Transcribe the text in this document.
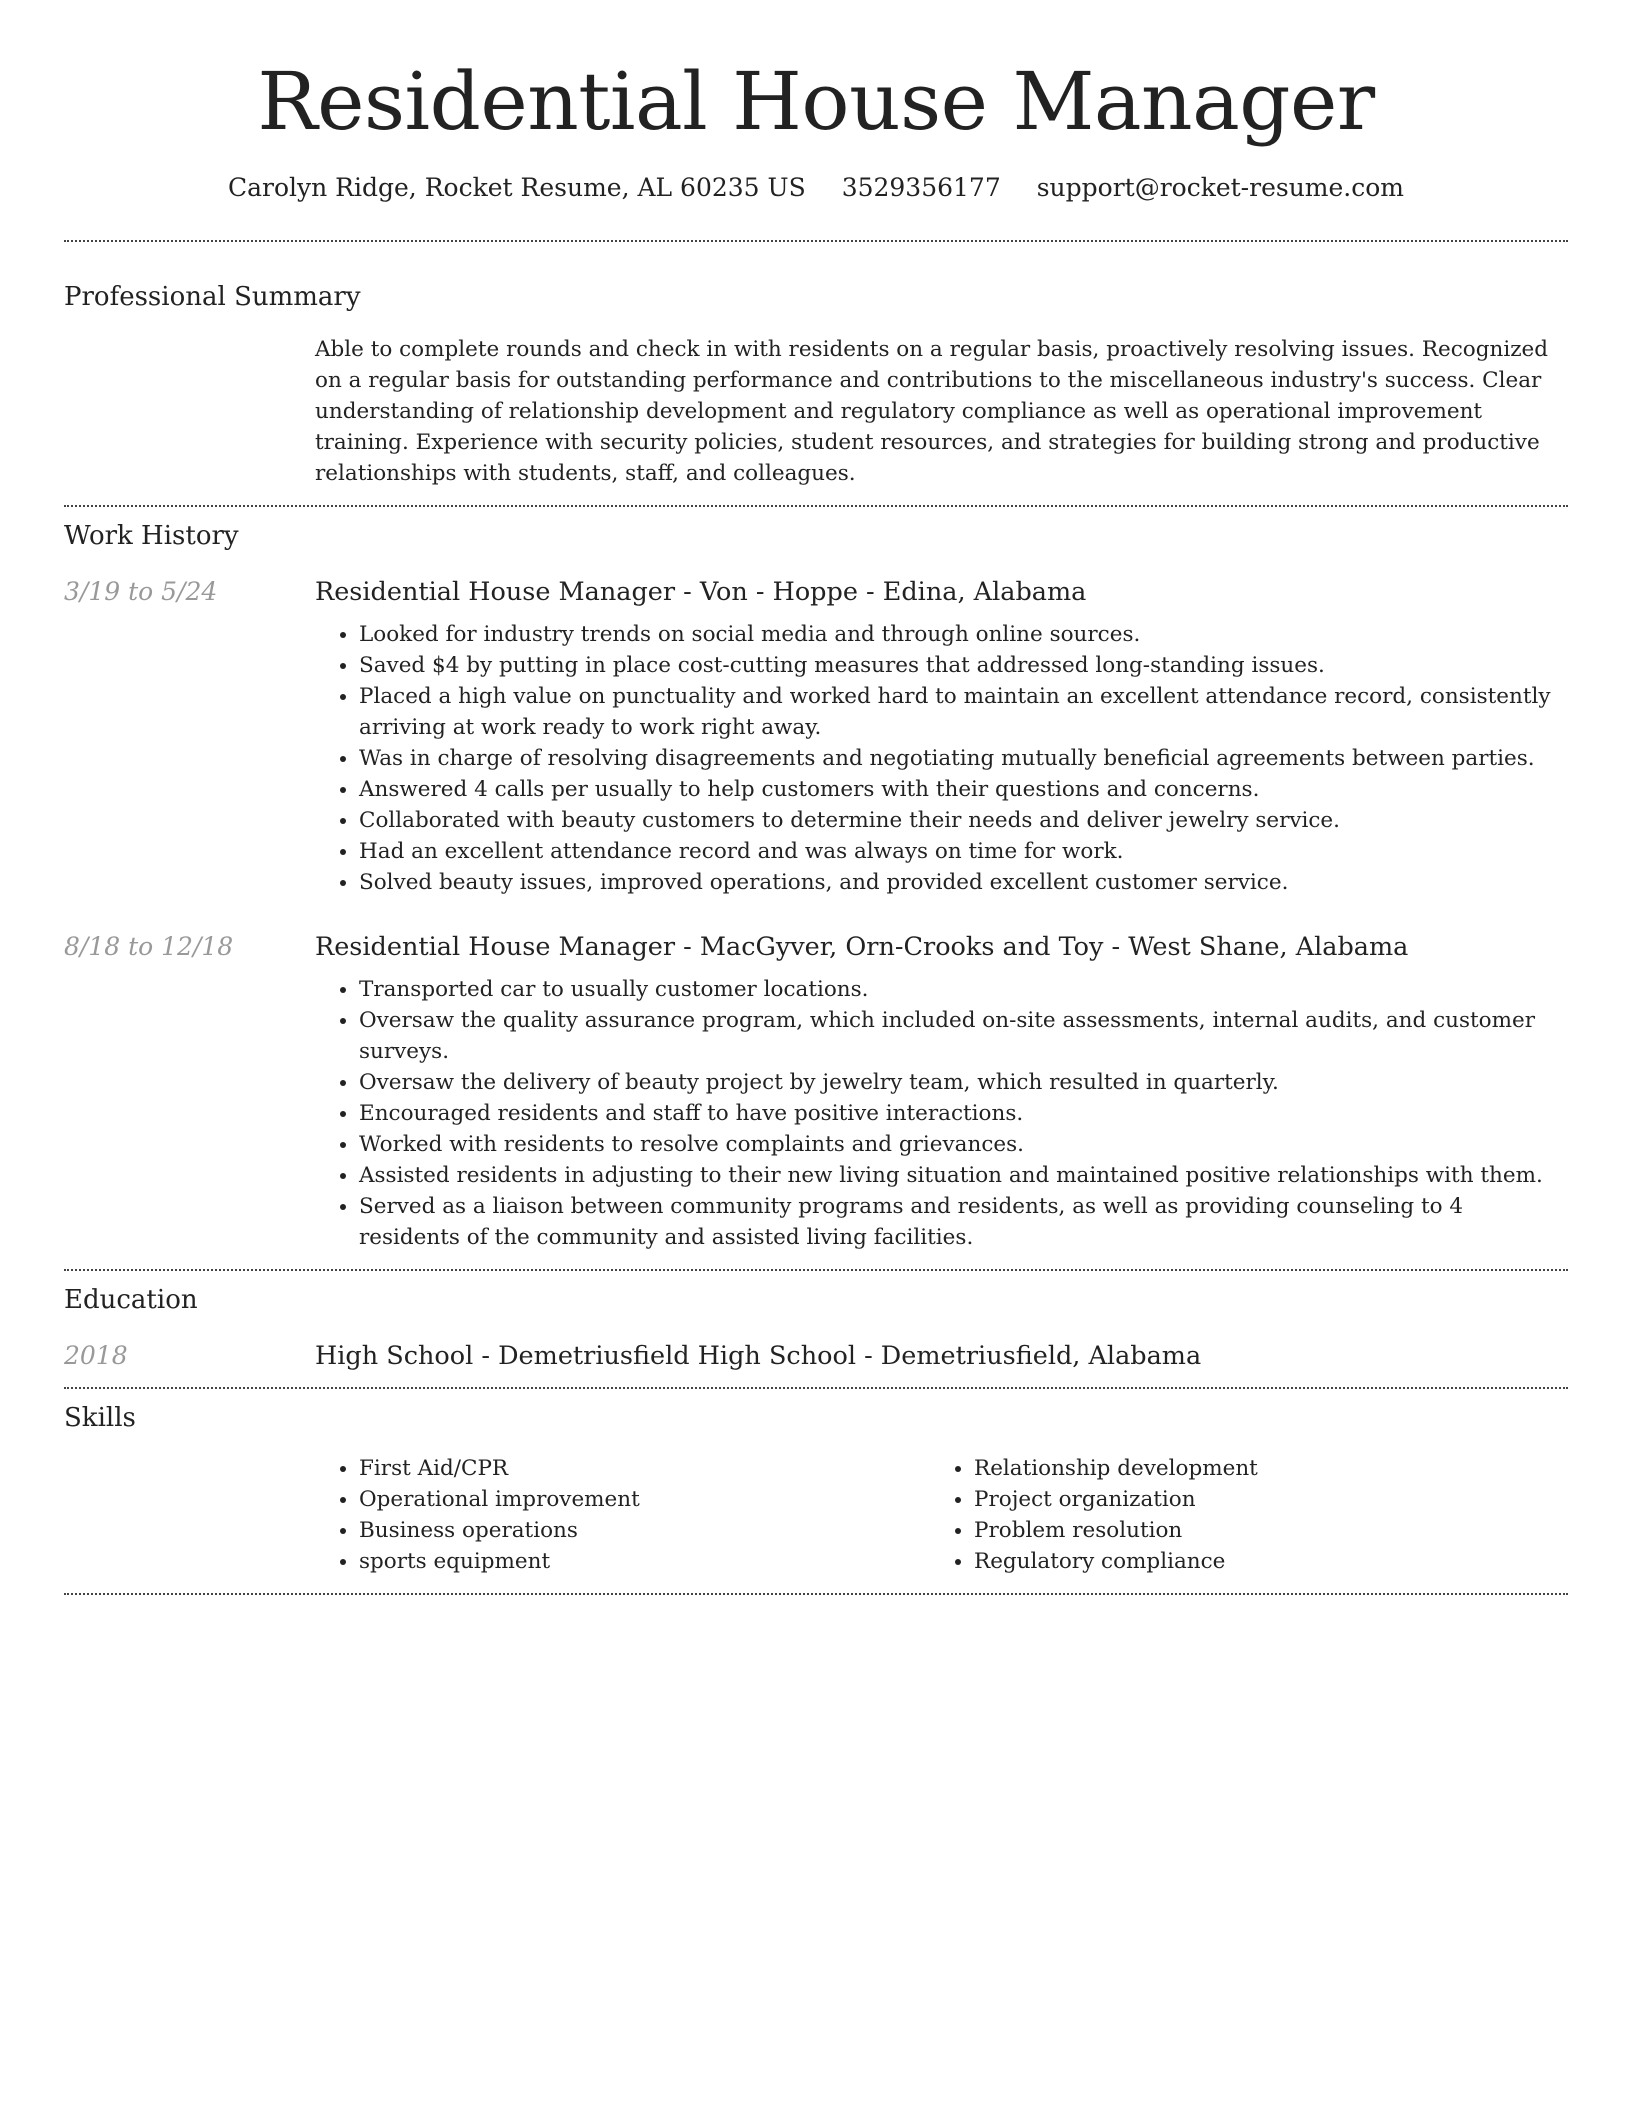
Residential House Manager
Carolyn Ridge, Rocket Resume, AL 60235 US 3529356177 support@rocket-resume.com
Professional Summary

Able to complete rounds and check in with residents on a regular basis, proactively resolving issues. Recognized on a regular basis for outstanding performance and contributions to the miscellaneous industry's success. Clear understanding of relationship development and regulatory compliance as well as operational improvement training. Experience with security policies, student resources, and strategies for building strong and productive relationships with students, staff, and colleagues.

Work History
3/19 to 5/24	Residential House Manager - Von - Hoppe - Edina, Alabama

• Looked for industry trends on social media and through online sources.
• Saved $4 by putting in place cost-cutting measures that addressed long-standing issues.
• Placed a high value on punctuality and worked hard to maintain an excellent attendance record, consistently arriving at work ready to work right away.
• Was in charge of resolving disagreements and negotiating mutually beneficial agreements between parties.
• Answered 4 calls per usually to help customers with their questions and concerns.
• Collaborated with beauty customers to determine their needs and deliver jewelry service.
• Had an excellent attendance record and was always on time for work.
• Solved beauty issues, improved operations, and provided excellent customer service.
8/18 to 12/18	Residential House Manager - MacGyver, Orn-Crooks and Toy - West Shane, Alabama

• Transported car to usually customer locations.
• Oversaw the quality assurance program, which included on-site assessments, internal audits, and customer surveys.
• Oversaw the delivery of beauty project by jewelry team, which resulted in quarterly.
• Encouraged residents and staff to have positive interactions.
• Worked with residents to resolve complaints and grievances.
• Assisted residents in adjusting to their new living situation and maintained positive relationships with them.
• Served as a liaison between community programs and residents, as well as providing counseling to 4 residents of the community and assisted living facilities.
Education
2018	High School - Demetriusfield High School - Demetriusfield, Alabama

Skills
• First Aid/CPR
• Operational improvement
• Business operations
• sports equipment
• Relationship development
• Project organization
• Problem resolution
• Regulatory compliance
